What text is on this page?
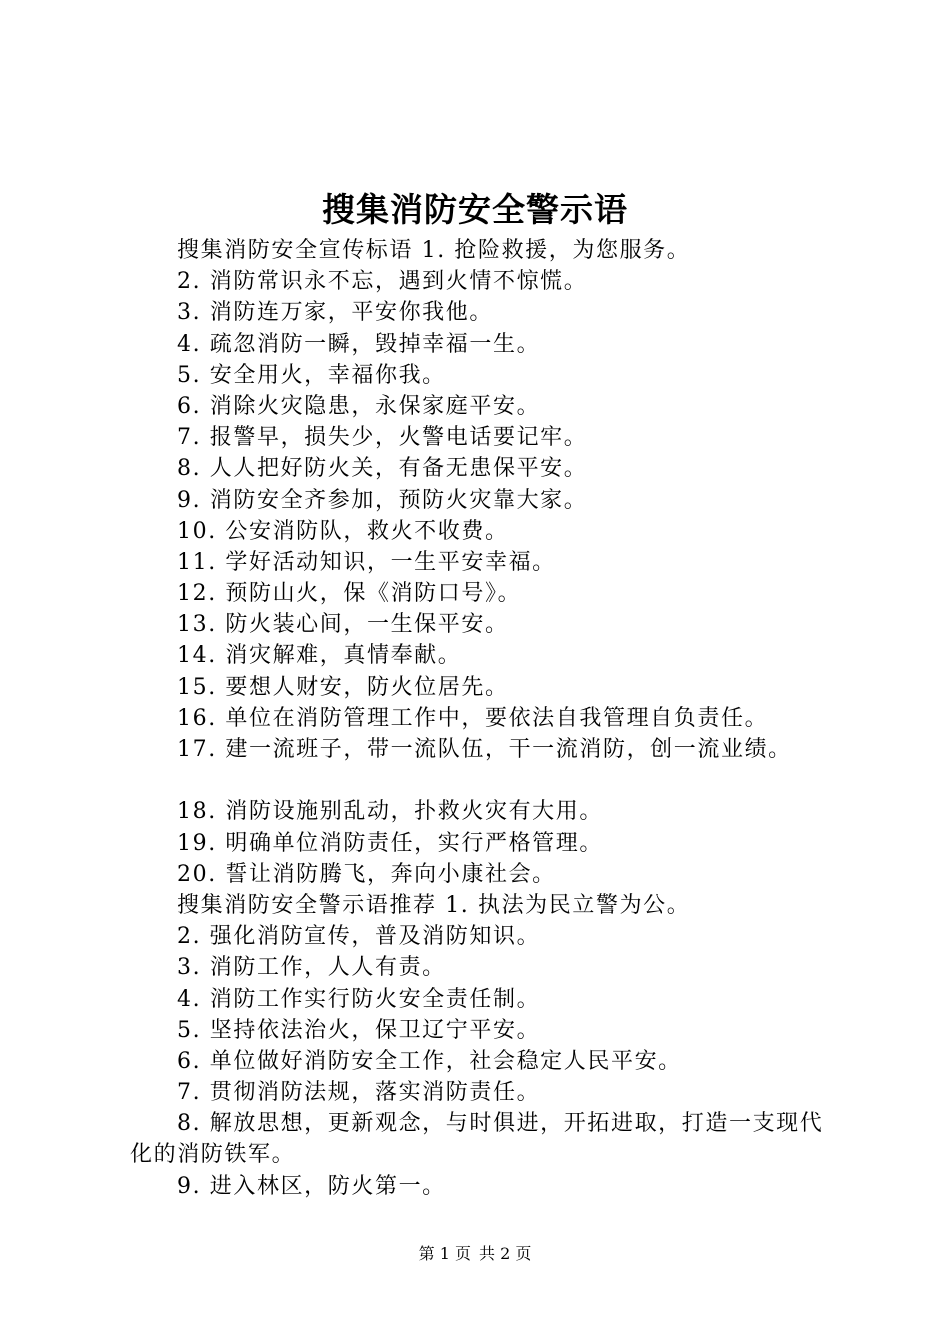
搜集消防安全警示语
搜集消防安全宣传标语 1. 抢险救援，为您服务。
2. 消防常识永不忘，遇到火情不惊慌。
3. 消防连万家，平安你我他。
4. 疏忽消防一瞬，毁掉幸福一生。
5. 安全用火，幸福你我。
6. 消除火灾隐患，永保家庭平安。
7. 报警早，损失少，火警电话要记牢。
8. 人人把好防火关，有备无患保平安。
9. 消防安全齐参加，预防火灾靠大家。
10. 公安消防队，救火不收费。
11. 学好活动知识，一生平安幸福。
12. 预防山火，保《消防口号》。
13. 防火装心间，一生保平安。
14. 消灾解难，真情奉献。
15. 要想人财安，防火位居先。
16. 单位在消防管理工作中，要依法自我管理自负责任。
17. 建一流班子，带一流队伍，干一流消防，创一流业绩。
18. 消防设施别乱动，扑救火灾有大用。
19. 明确单位消防责任，实行严格管理。
20. 誓让消防腾飞，奔向小康社会。
搜集消防安全警示语推荐 1. 执法为民立警为公。
2. 强化消防宣传，普及消防知识。
3. 消防工作，人人有责。
4. 消防工作实行防火安全责任制。
5. 坚持依法治火，保卫辽宁平安。
6. 单位做好消防安全工作，社会稳定人民平安。
7. 贯彻消防法规，落实消防责任。

8. 解放思想，更新观念，与时俱进，开拓进取，打造一支现代化的消防铁军。

9. 进入林区，防火第一。
第 1 页 共 2 页
